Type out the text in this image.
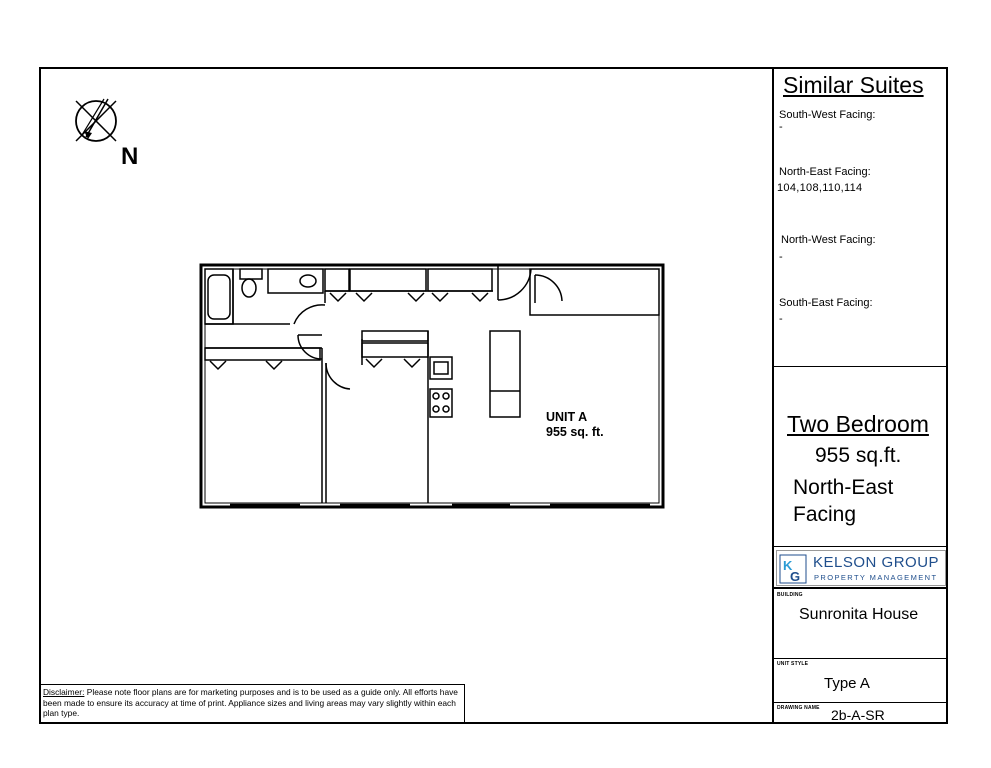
N
UNIT A
955 sq. ft.
Similar Suites
South-West Facing:
-
North-East Facing:
104,108,110,114
North-West Facing:
-
South-East Facing:
-
Two Bedroom
955 sq.ft.
North-East
Facing
K
G
KELSON GROUP
PROPERTY MANAGEMENT
BUILDING
Sunronita House
UNIT STYLE
Type A
DRAWING NAME 2b-A-SR
Disclaimer: Please note floor plans are for marketing purposes and is to be used as a guide only. All efforts have been made to ensure its accuracy at time of print. Appliance sizes and living areas may vary slightly within each plan type.
